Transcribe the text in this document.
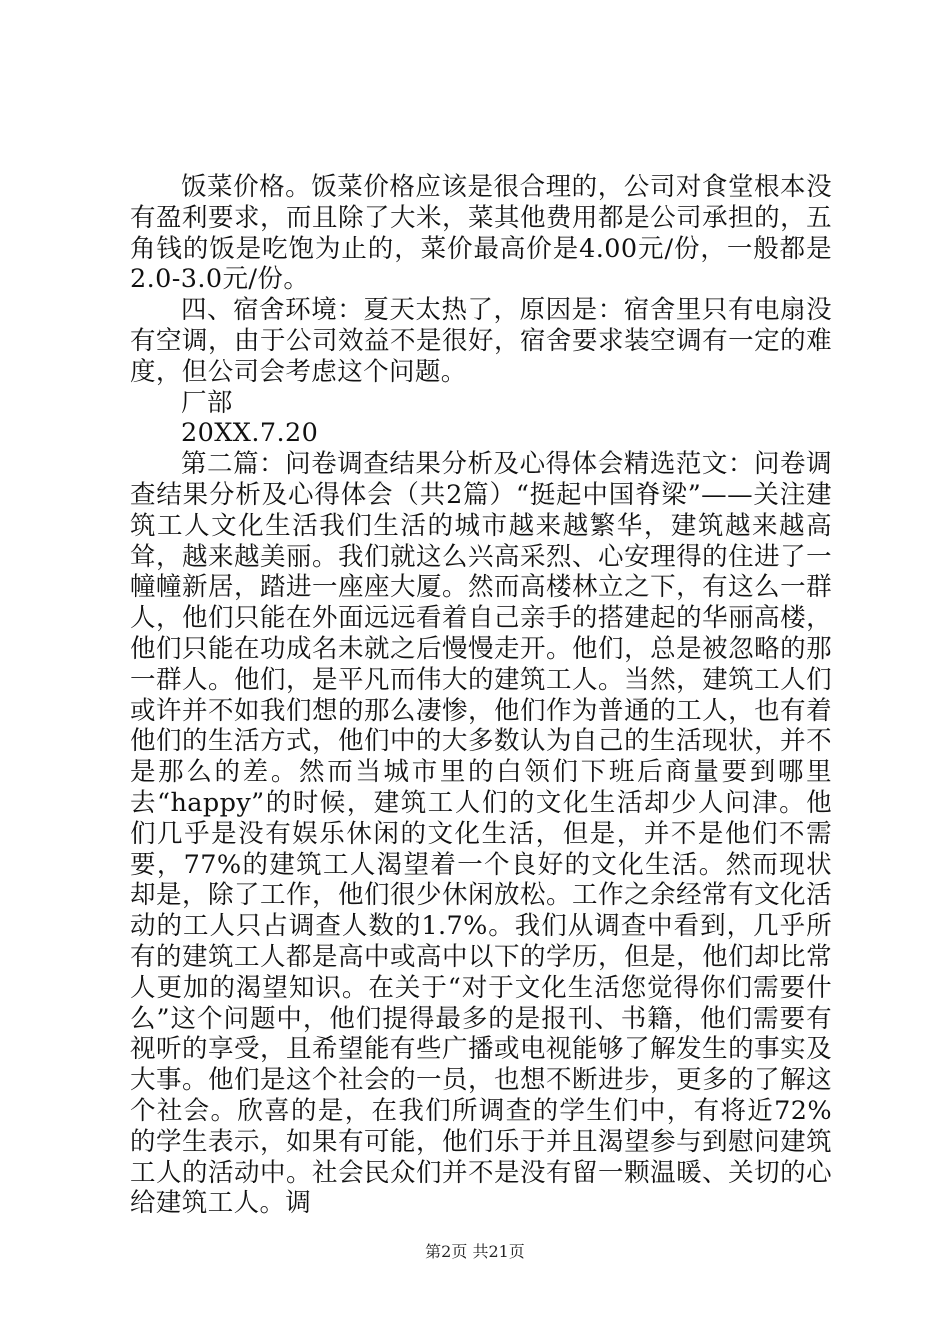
饭菜价格。饭菜价格应该是很合理的，公司对食堂根本没有盈利要求，而且除了大米，菜其他费用都是公司承担的，五角钱的饭是吃饱为止的，菜价最高价是4.00元/份，一般都是2.0-3.0元/份。

四、宿舍环境：夏天太热了，原因是：宿舍里只有电扇没有空调，由于公司效益不是很好，宿舍要求装空调有一定的难度，但公司会考虑这个问题。

厂部

20XX.7.20

第二篇：问卷调查结果分析及心得体会精选范文：问卷调查结果分析及心得体会（共2篇）“挺起中国脊梁”——关注建筑工人文化生活我们生活的城市越来越繁华，建筑越来越高耸，越来越美丽。我们就这么兴高采烈、心安理得的住进了一幢幢新居，踏进一座座大厦。然而高楼林立之下，有这么一群人，他们只能在外面远远看着自己亲手的搭建起的华丽高楼，他们只能在功成名未就之后慢慢走开。他们，总是被忽略的那一群人。他们，是平凡而伟大的建筑工人。当然，建筑工人们或许并不如我们想的那么凄惨，他们作为普通的工人，也有着他们的生活方式，他们中的大多数认为自己的生活现状，并不是那么的差。然而当城市里的白领们下班后商量要到哪里去“happy”的时候，建筑工人们的文化生活却少人问津。他们几乎是没有娱乐休闲的文化生活，但是，并不是他们不需要，77%的建筑工人渴望着一个良好的文化生活。然而现状却是，除了工作，他们很少休闲放松。工作之余经常有文化活动的工人只占调查人数的1.7%。我们从调查中看到，几乎所有的建筑工人都是高中或高中以下的学历，但是，他们却比常人更加的渴望知识。在关于“对于文化生活您觉得你们需要什么”这个问题中，他们提得最多的是报刊、书籍，他们需要有视听的享受，且希望能有些广播或电视能够了解发生的事实及大事。他们是这个社会的一员，也想不断进步，更多的了解这个社会。欣喜的是，在我们所调查的学生们中，有将近72%的学生表示，如果有可能，他们乐于并且渴望参与到慰问建筑工人的活动中。社会民众们并不是没有留一颗温暖、关切的心给建筑工人。调

第2页 共21页
